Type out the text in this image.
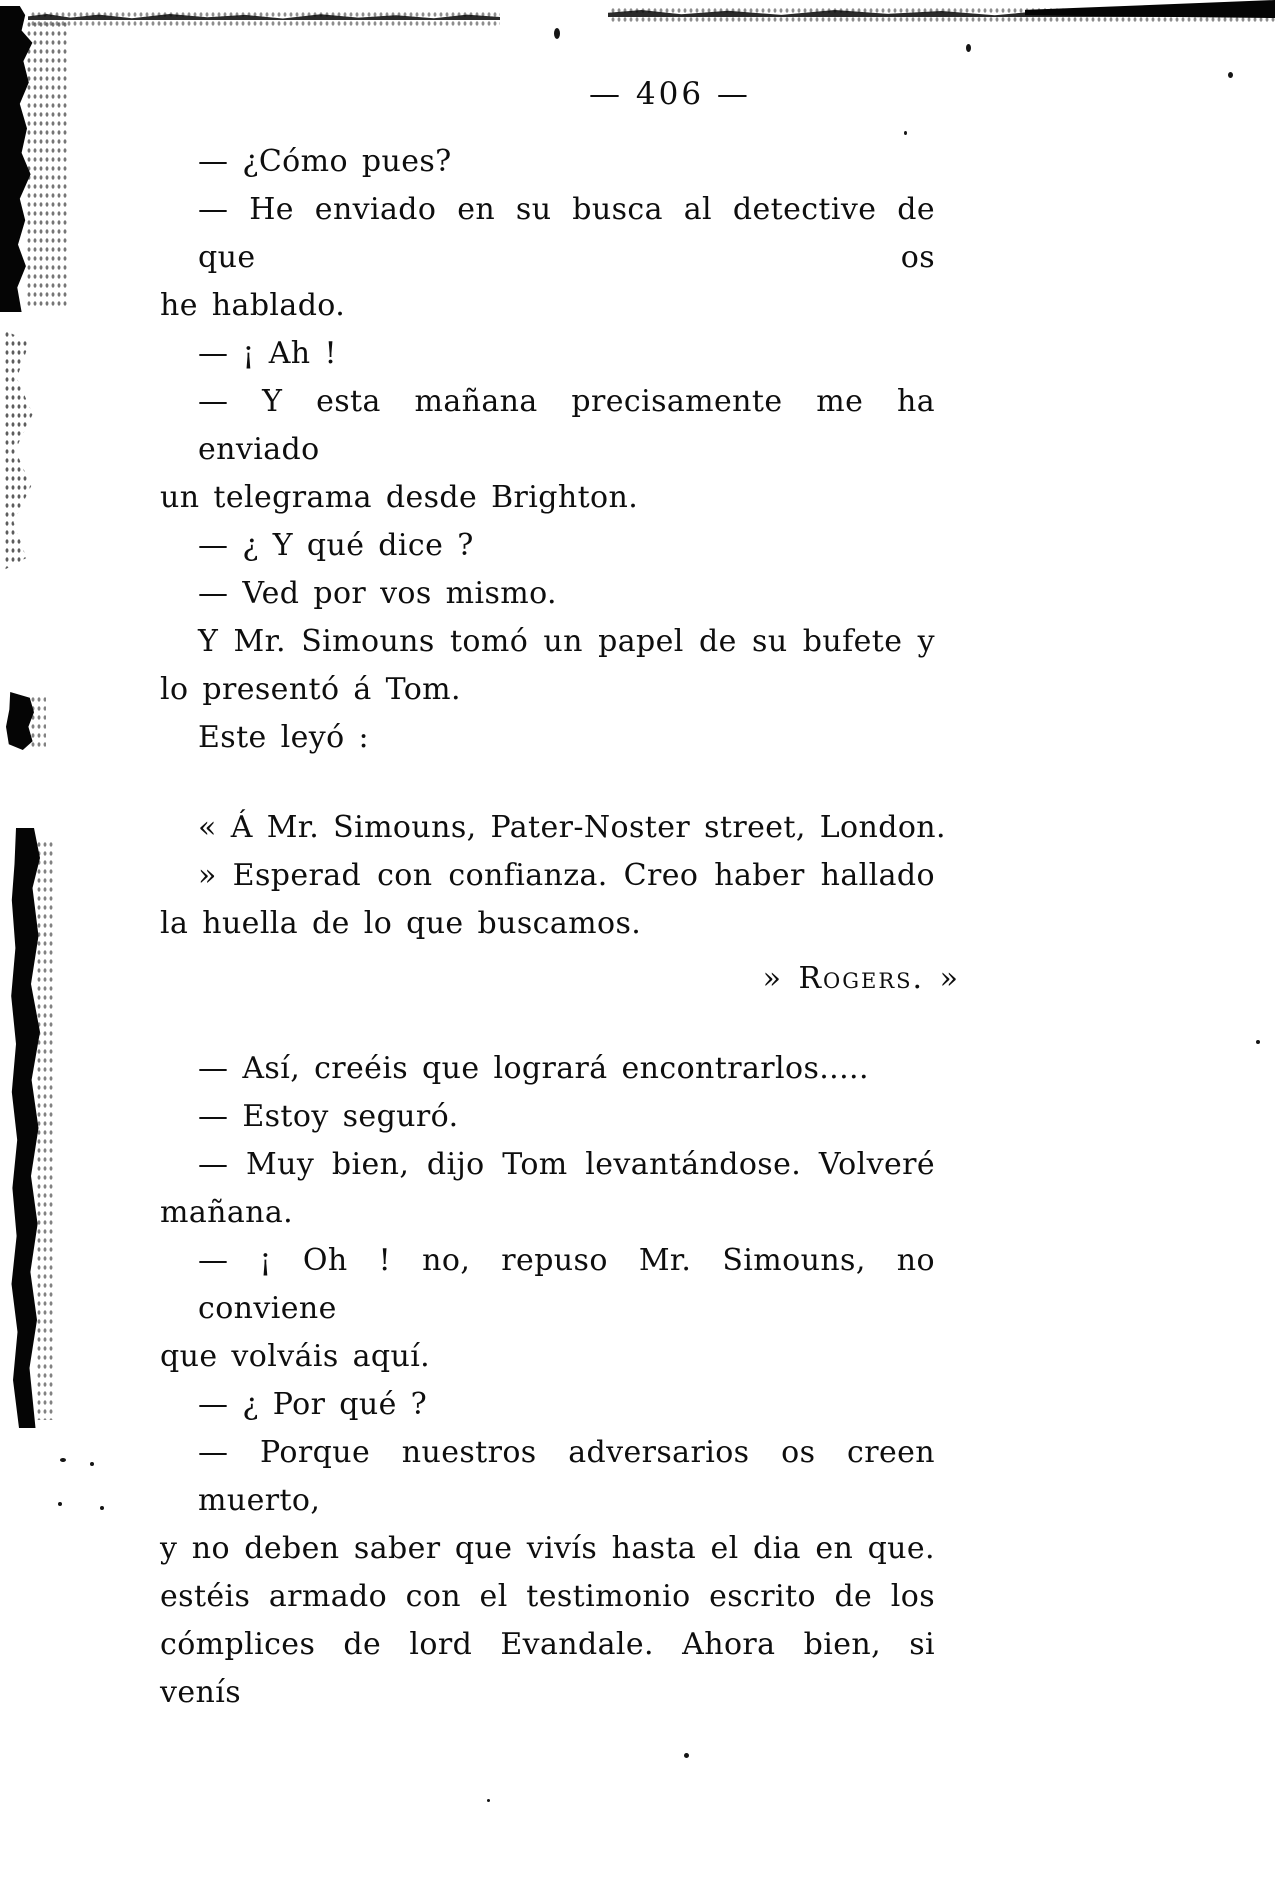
— 406 —
— ¿Cómo pues?
— He enviado en su busca al detective de que os
he hablado.
— ¡ Ah !
— Y esta mañana precisamente me ha enviado
un telegrama desde Brighton.
— ¿ Y qué dice ?
— Ved por vos mismo.
Y Mr. Simouns tomó un papel de su bufete y
lo presentó á Tom.
Este leyó :
« Á Mr. Simouns, Pater-Noster street, London.
» Esperad con confianza. Creo haber hallado
la huella de lo que buscamos.
» Rogers. »
— Así, creéis que logrará encontrarlos.....
— Estoy seguró.
— Muy bien, dijo Tom levantándose. Volveré
mañana.
— ¡ Oh ! no, repuso Mr. Simouns, no conviene
que volváis aquí.
— ¿ Por qué ?
— Porque nuestros adversarios os creen muerto,
y no deben saber que vivís hasta el dia en que.
estéis armado con el testimonio escrito de los
cómplices de lord Evandale. Ahora bien, si venís
